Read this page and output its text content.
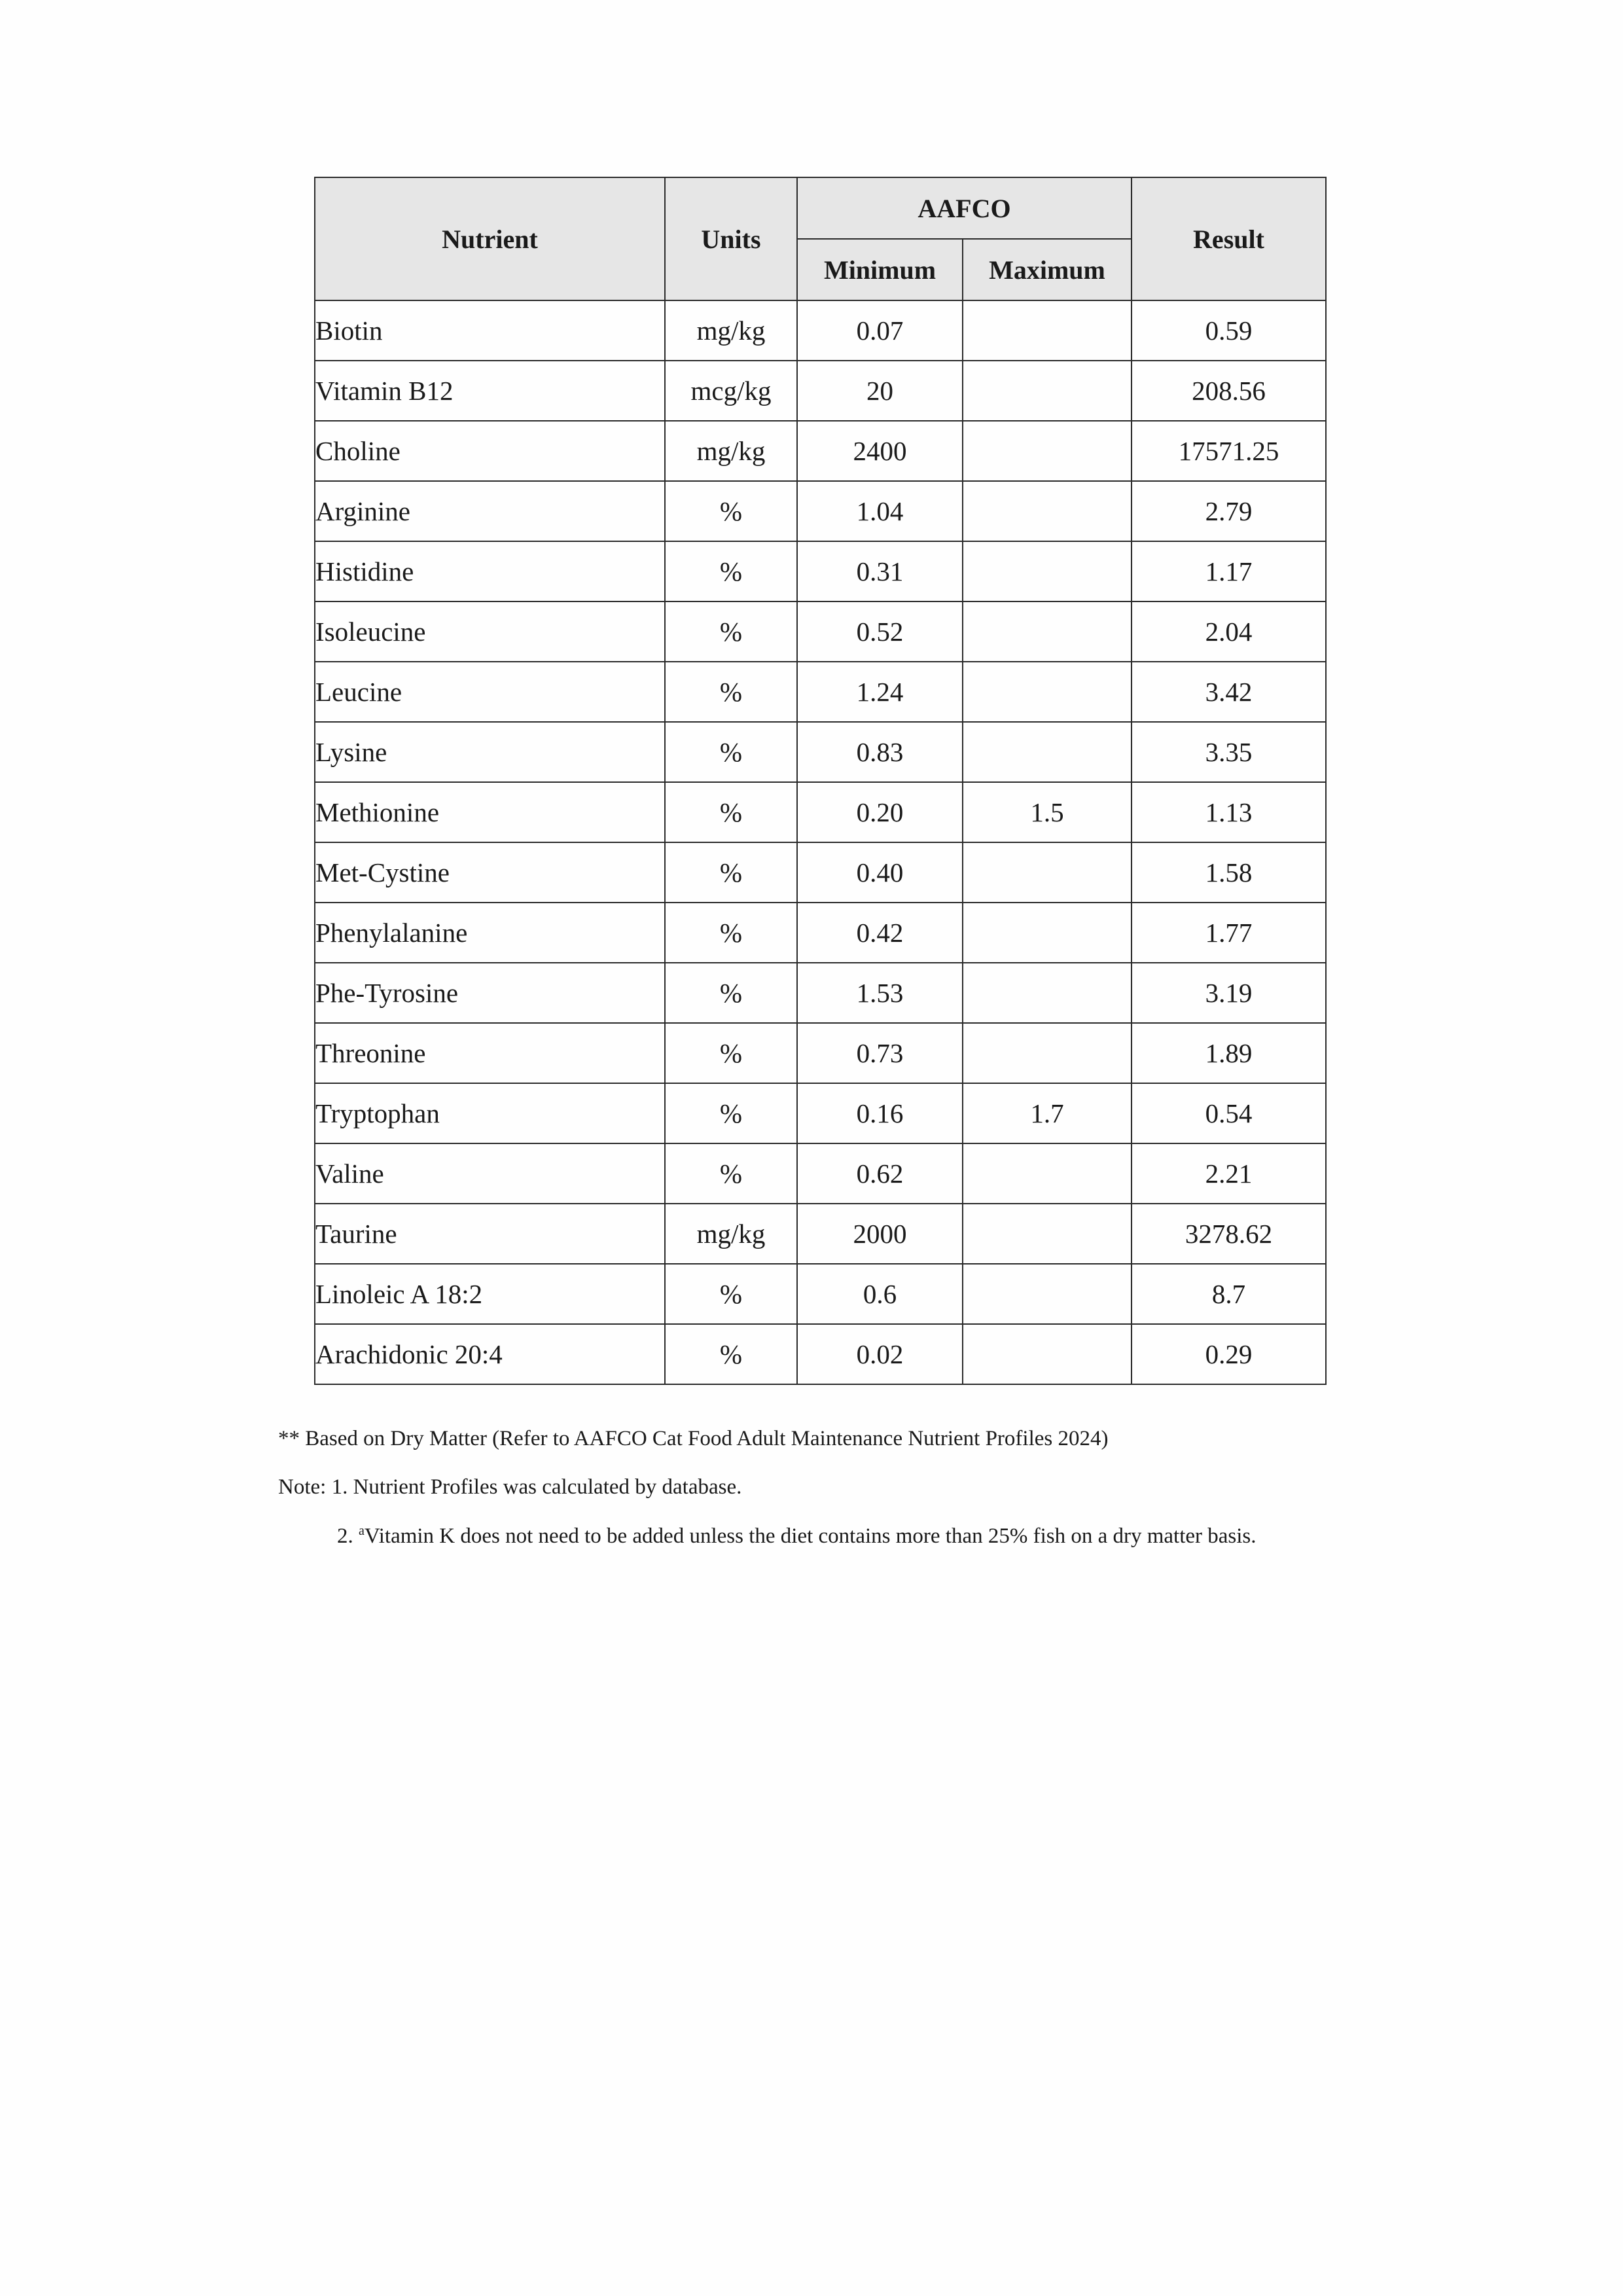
Nutrient	Units	AAFCO		Result
		Minimum	Maximum	
Biotin	mg/kg	0.07		0.59
Vitamin B12	mcg/kg	20		208.56
Choline	mg/kg	2400		17571.25
Arginine	%	1.04		2.79
Histidine	%	0.31		1.17
Isoleucine	%	0.52		2.04
Leucine	%	1.24		3.42
Lysine	%	0.83		3.35
Methionine	%	0.20	1.5	1.13
Met-Cystine	%	0.40		1.58
Phenylalanine	%	0.42		1.77
Phe-Tyrosine	%	1.53		3.19
Threonine	%	0.73		1.89
Tryptophan	%	0.16	1.7	0.54
Valine	%	0.62		2.21
Taurine	mg/kg	2000		3278.62
Linoleic A 18:2	%	0.6		8.7
Arachidonic 20:4	%	0.02		0.29
** Based on Dry Matter (Refer to AAFCO Cat Food Adult Maintenance Nutrient Profiles 2024)
Note: 1. Nutrient Profiles was calculated by database.
2. $^a$Vitamin K does not need to be added unless the diet contains more than 25% fish on a dry matter basis.
